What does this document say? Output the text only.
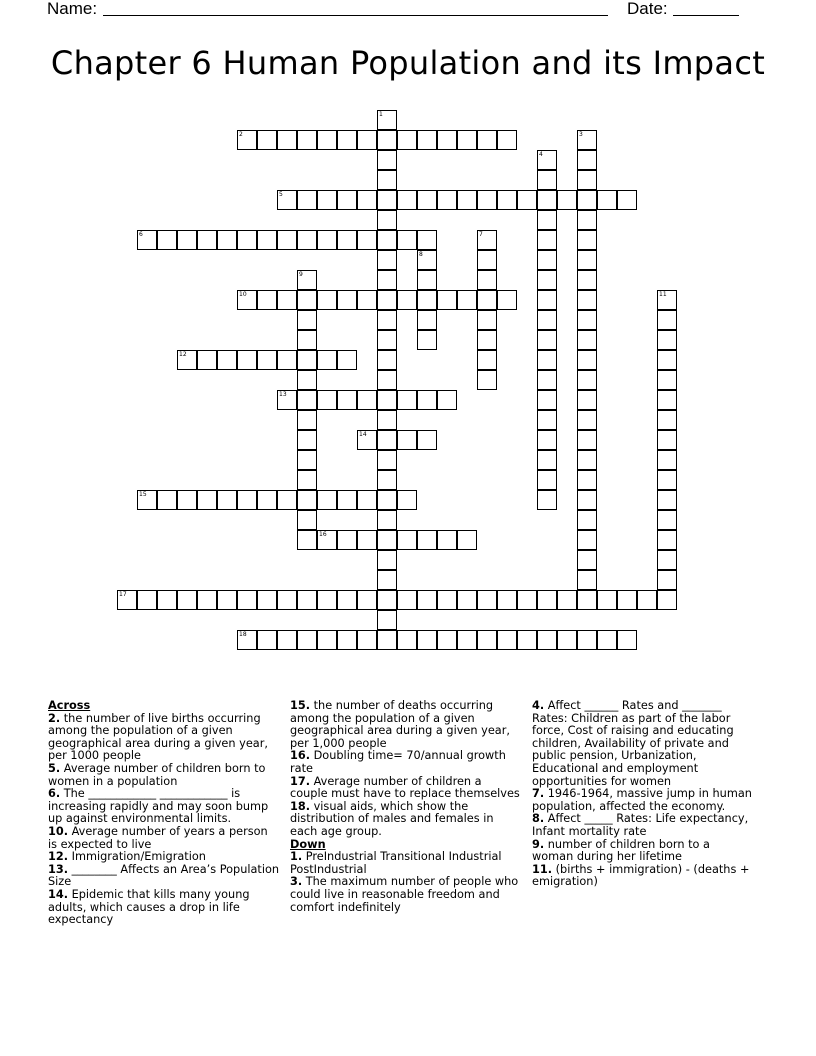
Name:	Date:
Chapter 6 Human Population and its Impact
1
2	3
4
5
6	7
8
9
10	11
12
13
14
15
16
17
18

Across

2. the number of live births occurring among the population of a given geographical area during a given year, per 1000 people

5. Average number of children born to women in a population

6. The ____________ ____________ is increasing rapidly and may soon bump up against environmental limits.

10. Average number of years a person is expected to live

12. Immigration/Emigration

13. ________ Affects an Area’s Population Size

14. Epidemic that kills many young adults, which causes a drop in life expectancy

15. the number of deaths occurring among the population of a given geographical area during a given year, per 1,000 people

16. Doubling time= 70/annual growth rate

17. Average number of children a couple must have to replace themselves

18. visual aids, which show the distribution of males and females in each age group.

Down

1. PreIndustrial Transitional Industrial PostIndustrial

3. The maximum number of people who could live in reasonable freedom and comfort indefinitely

4. Affect ______ Rates and _______ Rates: Children as part of the labor force, Cost of raising and educating children, Availability of private and public pension, Urbanization, Educational and employment opportunities for women

7. 1946-1964, massive jump in human population, affected the economy.

8. Affect _____ Rates: Life expectancy, Infant mortality rate

9. number of children born to a woman during her lifetime

11. (births + immigration) - (deaths + emigration)
